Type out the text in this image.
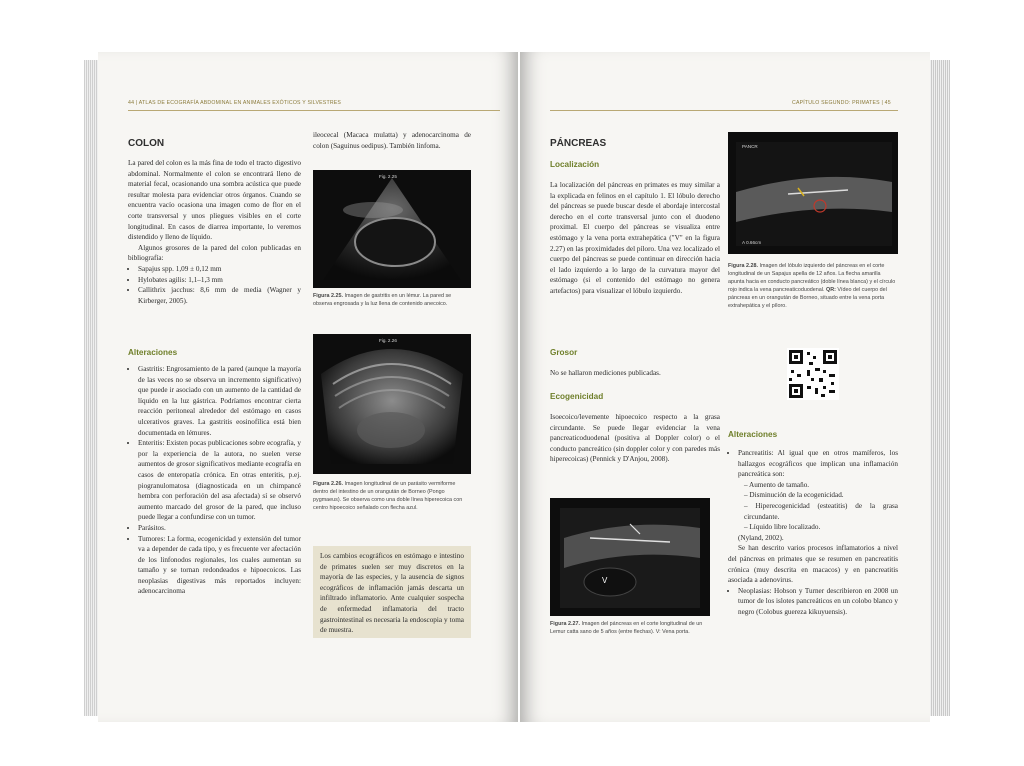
44 | ATLAS DE ECOGRAFÍA ABDOMINAL EN ANIMALES EXÓTICOS Y SILVESTRES
COLON

La pared del colon es la más fina de todo el tracto digestivo abdominal. Normalmente el colon se encontrará lleno de material fecal, ocasionando una sombra acústica que puede resultar molesta para evidenciar otros órganos. Cuando se encuentra vacío ocasiona una imagen como de flor en el corte transversal y unos pliegues visibles en el corte longitudinal. En casos de diarrea importante, lo veremos distendido y lleno de líquido.

Algunos grosores de la pared del colon publicadas en bibliografía:

• Sapajus spp. 1,09 ± 0,12 mm
• Hylobates agilis: 1,1–1,3 mm
• Callithrix jacchus: 8,6 mm de media (Wagner y Kirberger, 2005).
Alteraciones
• Gastritis: Engrosamiento de la pared (aunque la mayoría de las veces no se observa un incremento significativo) que puede ir asociado con un aumento de la cantidad de líquido en la luz gástrica. Podríamos encontrar cierta reacción peritoneal alrededor del estómago en casos ulcerativos graves. La gastritis eosinofílica está bien documentada en lémures.
• Enteritis: Existen pocas publicaciones sobre ecografía, y por la experiencia de la autora, no suelen verse aumentos de grosor significativos mediante ecografía en casos de enteropatía crónica. En otras enteritis, p.ej. piogranulomatosa (diagnosticada en un chimpancé hembra con perforación del asa afectada) sí se observó aumento marcado del grosor de la pared, que incluso puede llegar a confundirse con un tumor.
• Parásitos.
• Tumores: La forma, ecogenicidad y extensión del tumor va a depender de cada tipo, y es frecuente ver afectación de los linfonodos regionales, los cuales aumentan su tamaño y se tornan redondeados e hipoecoicos. Las neoplasias digestivas más reportados incluyen: adenocarcinoma
ileocecal (Macaca mulatta) y adenocarcinoma de colon (Saguinus oedipus). También linfoma.
Fig. 2.25
Figura 2.25. Imagen de gastritis en un lémur. La pared se observa engrosada y la luz llena de contenido anecoico.
Fig. 2.26
Figura 2.26. Imagen longitudinal de un parásito vermiforme dentro del intestino de un orangután de Borneo (Pongo pygmaeus). Se observa como una doble línea hiperecoica con centro hipoecoico señalado con flecha azul.
Los cambios ecográficos en estómago e intestino de primates suelen ser muy discretos en la mayoría de las especies, y la ausencia de signos ecográficos de inflamación jamás descarta un infiltrado inflamatorio. Ante cualquier sospecha de enfermedad inflamatoria del tracto gastrointestinal es necesaria la endoscopia y toma de muestra.
CAPÍTULO SEGUNDO: PRIMATES | 45
PÁNCREAS
Localización
La localización del páncreas en primates es muy similar a la explicada en felinos en el capítulo 1. El lóbulo derecho del páncreas se puede buscar desde el abordaje intercostal derecho en el corte transversal junto con el duodeno proximal. El cuerpo del páncreas se visualiza entre estómago y la vena porta extrahepática ("V" en la figura 2.27) en las proximidades del píloro. Una vez localizado el cuerpo del páncreas se puede continuar en dirección hacia el lado izquierdo a lo largo de la curvatura mayor del estómago (si el contenido del estómago no genera artefactos) para visualizar el lóbulo izquierdo.
Grosor
No se hallaron mediciones publicadas.
Ecogenicidad
Isoecoico/levemente hipoecoico respecto a la grasa circundante. Se puede llegar evidenciar la vena pancreaticoduodenal (positiva al Doppler color) o el conducto pancreático (sin doppler color y con paredes más hiperecoicas) (Pennick y D'Anjou, 2008).
V
Figura 2.27. Imagen del páncreas en el corte longitudinal de un Lemur catta sano de 5 años (entre flechas). V: Vena porta.
PANCR
A 0.66cm
Figura 2.28. Imagen del lóbulo izquierdo del páncreas en el corte longitudinal de un Sapajus apella de 12 años. La flecha amarilla apunta hacia en conducto pancreático (doble línea blanca) y el círculo rojo indica la vena pancreaticoduodenal. QR: Vídeo del cuerpo del páncreas en un orangután de Borneo, situado entre la vena porta extrahepática y el píloro.
Alteraciones
• Pancreatitis: Al igual que en otros mamíferos, los hallazgos ecográficos que implican una inflamación pancreática son:
– Aumento de tamaño.
– Disminución de la ecogenicidad.
– Hiperecogenicidad (esteatitis) de la grasa circundante.
– Líquido libre localizado.
(Nyland, 2002).

Se han descrito varios procesos inflamatorios a nivel del páncreas en primates que se resumen en pancreatitis crónica (muy descrita en macacos) y en pancreatitis asociada a adenovirus.

• Neoplasias: Hobson y Turner describieron en 2008 un tumor de los islotes pancreáticos en un colobo blanco y negro (Colobus guereza kikuyuensis).
